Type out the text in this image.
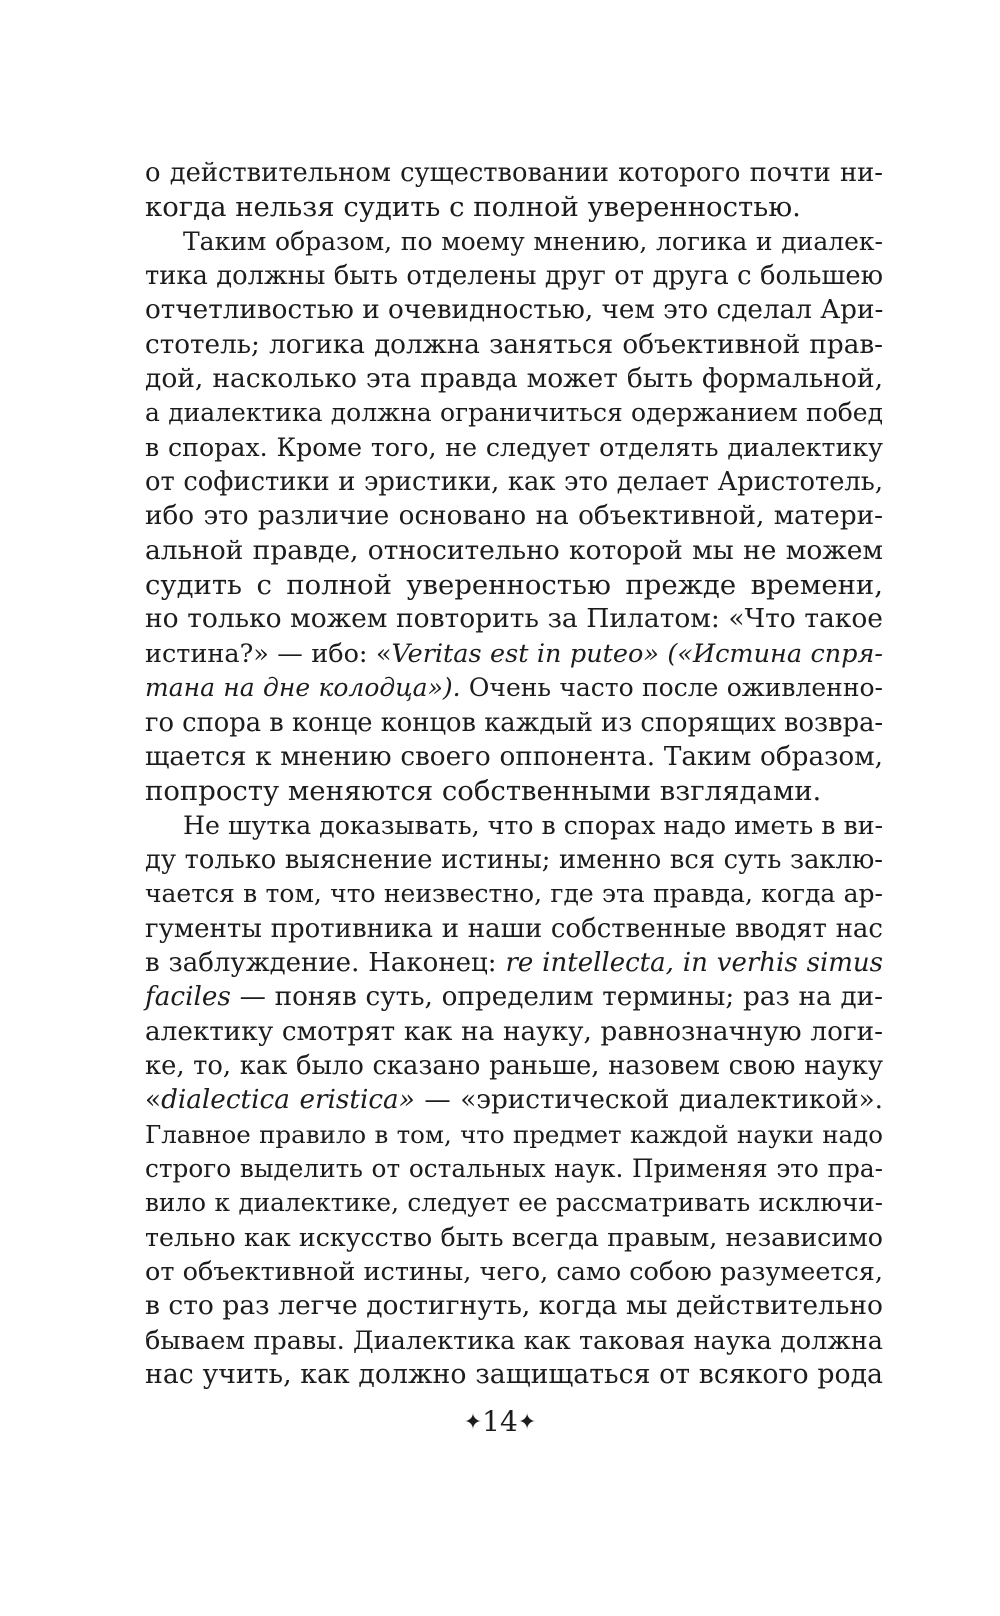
о действительном существовании которого почти ни-
когда нельзя судить с полной уверенностью.
Таким образом, по моему мнению, логика и диалек-
тика должны быть отделены друг от друга с большею
отчетливостью и очевидностью, чем это сделал Ари-
стотель; логика должна заняться объективной прав-
дой, насколько эта правда может быть формальной,
а диалектика должна ограничиться одержанием побед
в спорах. Кроме того, не следует отделять диалектику
от софистики и эристики, как это делает Аристотель,
ибо это различие основано на объективной, матери-
альной правде, относительно которой мы не можем
судить с полной уверенностью прежде времени,
но только можем повторить за Пилатом: «Что такое
истина?» — ибо: «Veritas est in puteo» («Истина спря-
тана на дне колодца»). Очень часто после оживленно-
го спора в конце концов каждый из спорящих возвра-
щается к мнению своего оппонента. Таким образом,
попросту меняются собственными взглядами.
Не шутка доказывать, что в спорах надо иметь в ви-
ду только выяснение истины; именно вся суть заклю-
чается в том, что неизвестно, где эта правда, когда ар-
гументы противника и наши собственные вводят нас
в заблуждение. Наконец: re intellecta, in verhis simus
faciles — поняв суть, определим термины; раз на ди-
алектику смотрят как на науку, равнозначную логи-
ке, то, как было сказано раньше, назовем свою науку
«dialectica eristica» — «эристической диалектикой».
Главное правило в том, что предмет каждой науки надо
строго выделить от остальных наук. Применяя это пра-
вило к диалектике, следует ее рассматривать исключи-
тельно как искусство быть всегда правым, независимо
от объективной истины, чего, само собою разумеется,
в сто раз легче достигнуть, когда мы действительно
бываем правы. Диалектика как таковая наука должна
нас учить, как должно защищаться от всякого рода
✦14✦
